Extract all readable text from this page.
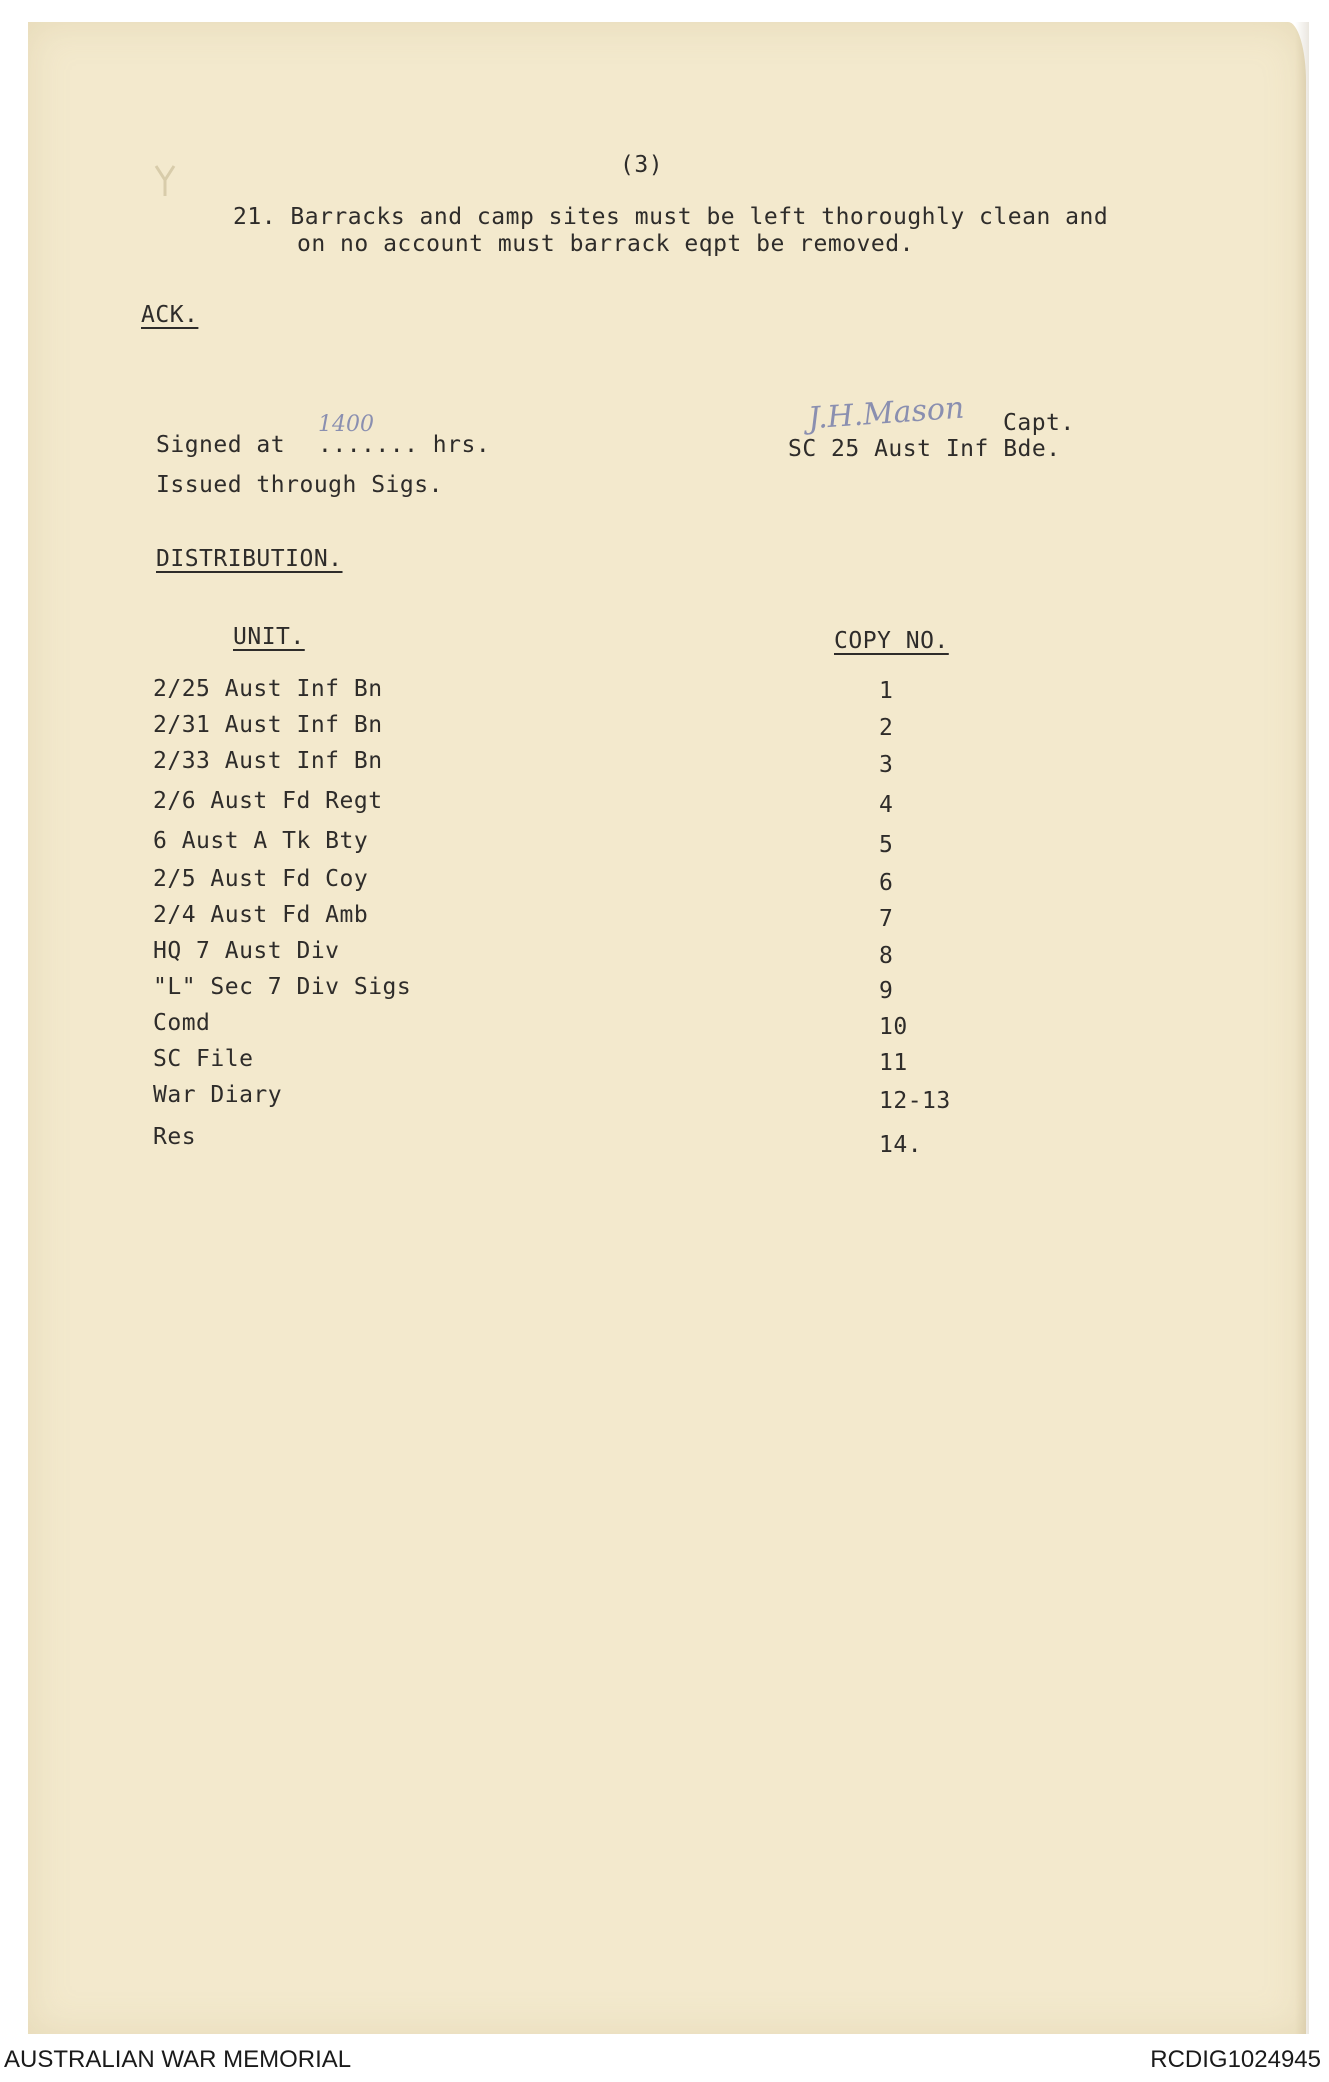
(3)
21. Barracks and camp sites must be left thoroughly clean and
on no account must barrack eqpt be removed.
ACK.
Signed at
1400
....... hrs.
Issued through Sigs.
J.H.Mason Capt.
SC 25 Aust Inf Bde.
DISTRIBUTION.
UNIT.	COPY NO.
2/25 Aust Inf Bn	1
2/31 Aust Inf Bn	2
2/33 Aust Inf Bn	3
2/6 Aust Fd Regt	4
6 Aust A Tk Bty	5
2/5 Aust Fd Coy	6
2/4 Aust Fd Amb	7
HQ 7 Aust Div	8
"L" Sec 7 Div Sigs	9
Comd	10
SC File	11
War Diary	12-13
Res	14.
AUSTRALIAN WAR MEMORIAL	RCDIG1024945
